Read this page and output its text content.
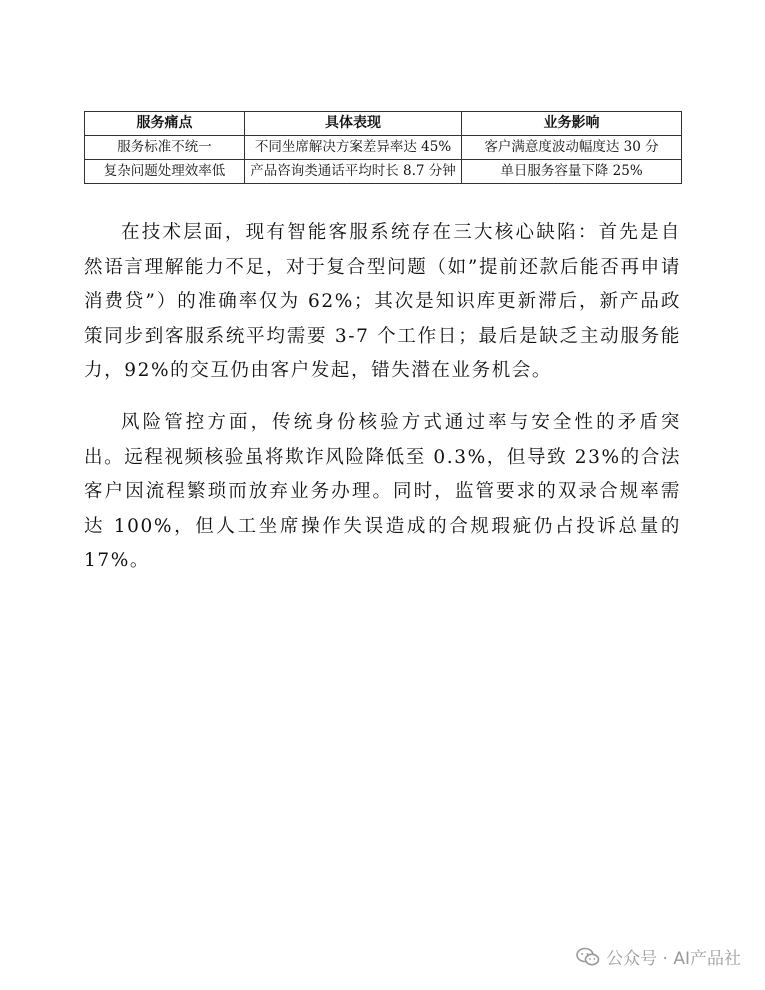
服务痛点	具体表现	业务影响
服务标准不统一	不同坐席解决方案差异率达 45%	客户满意度波动幅度达 30 分
复杂问题处理效率低	产品咨询类通话平均时长 8.7 分钟	单日服务容量下降 25%

在技术层面，现有智能客服系统存在三大核心缺陷：首先是自然语言理解能力不足，对于复合型问题（如”提前还款后能否再申请消费贷”）的准确率仅为 62%；其次是知识库更新滞后，新产品政策同步到客服系统平均需要 3-7 个工作日；最后是缺乏主动服务能力，92%的交互仍由客户发起，错失潜在业务机会。

风险管控方面，传统身份核验方式通过率与安全性的矛盾突出。远程视频核验虽将欺诈风险降低至 0.3%，但导致 23%的合法客户因流程繁琐而放弃业务办理。同时，监管要求的双录合规率需达 100%，但人工坐席操作失误造成的合规瑕疵仍占投诉总量的 17%。

公众号 · AI产品社
